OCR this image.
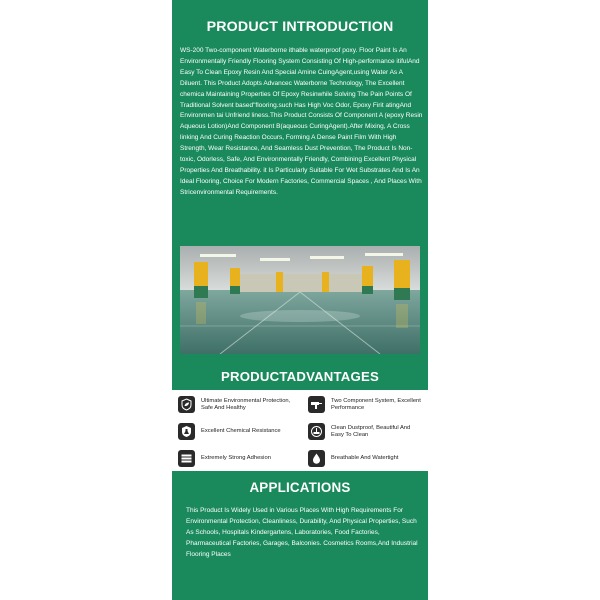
PRODUCT INTRODUCTION

WS-200 Two-component Waterborne ithable waterproof poxy. Floor Paint Is An Environmentally Friendly Flooring System Consisting Of High-performance itifulAnd Easy To Clean Epoxy Resin And Special Amine CuingAgent,using Water As A Diluent. This Product Adopts Advancec Waterborne Technology, The Excellent chemica Maintaining Properties Of Epoxy Resinwhile Solving The Pain Points Of Traditional Solvent based"flooring.such Has High Voc Odor, Epoxy Firit atingAnd Environmen tai Unfriend liness.This Product Consists Of Component A (epoxy Resin Aqueous Lotion)And Component B(aqueous CuringAgent).After Mixing, A Cross linking And Curing Reaction Occurs, Forming A Dense Paint Film With High Strength, Wear Resistance, And Seamless Dust Prevention, The Product Is Non-toxic, Odorless, Safe, And Environmentally Friendly, Combining Excellent Physical Properties And Breathability. it Is Particularly Suitable For Wet Substrates And Is An Ideal Flooring, Choice For Modern Factories, Commercial Spaces , And Places With Stricenvironmental Requirements.

PRODUCTADVANTAGES
Ultimate Environmental Protection, Safe And Healthy
Two Component System, Excellent Performance
Excellent Chemical Resistance
Clean Dustproof, Beautiful And Easy To Clean
Extremely Strong Adhesion	Breathable And Watertight
APPLICATIONS

This Product Is Widely Used in Various Places With High Requirements For Environmental Protection, Cleanliness, Durability, And Physical Properties, Such As Schools, Hospitals Kindergartens, Laboratories, Food Factories, Pharmaceutical Factories, Garages, Balconies. Cosmetics Rooms,And Industrial Flooring Places
